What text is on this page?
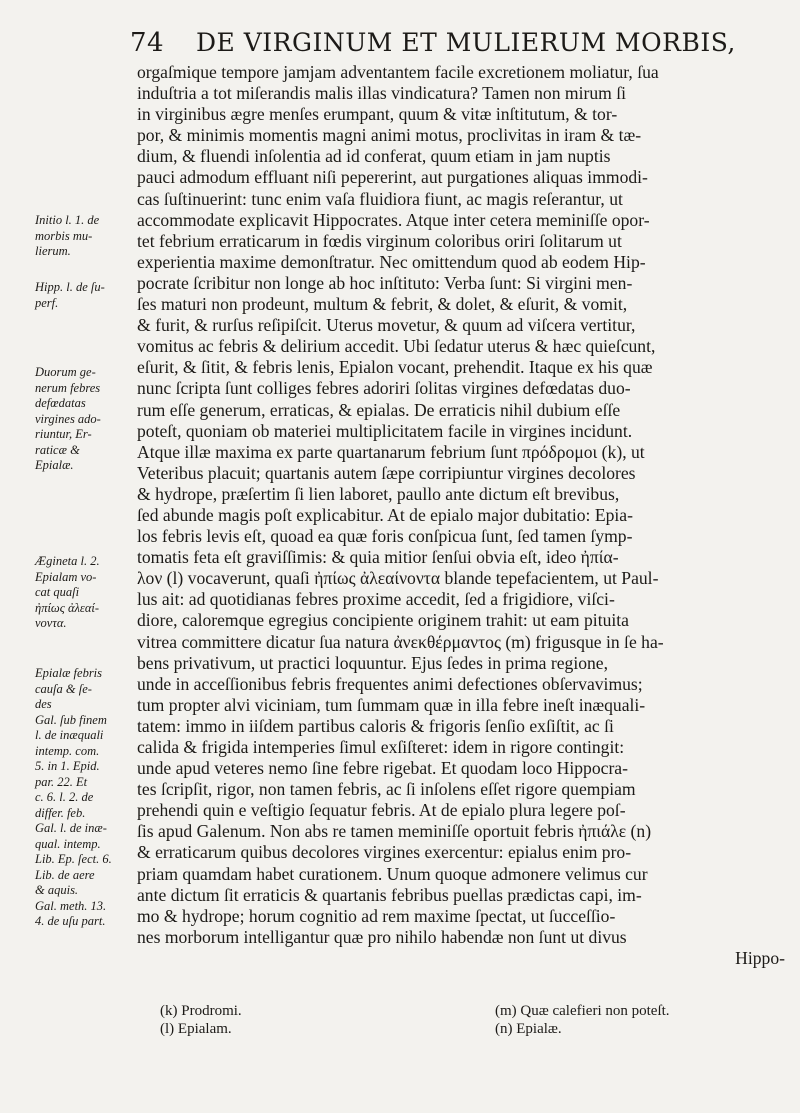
74	DE VIRGINUM ET MULIERUM MORBIS,
orgaſmique tempore jamjam adventantem facile excretionem moliatur, ſua
induſtria a tot miſerandis malis illas vindicatura? Tamen non mirum ſi
in virginibus ægre menſes erumpant, quum & vitæ inſtitutum, & tor-
por, & minimis momentis magni animi motus, proclivitas in iram & tæ-
dium, & fluendi inſolentia ad id conferat, quum etiam in jam nuptis
pauci admodum effluant niſi pepererint, aut purgationes aliquas immodi-
cas ſuſtinuerint: tunc enim vaſa fluidiora fiunt, ac magis reſerantur, ut
accommodate explicavit Hippocrates. Atque inter cetera meminiſſe opor-
tet febrium erraticarum in fœdis virginum coloribus oriri ſolitarum ut
experientia maxime demonſtratur. Nec omittendum quod ab eodem Hip-
pocrate ſcribitur non longe ab hoc inſtituto: Verba ſunt: Si virgini men-
ſes maturi non prodeunt, multum & febrit, & dolet, & eſurit, & vomit,
& furit, & rurſus reſipiſcit. Uterus movetur, & quum ad viſcera vertitur,
vomitus ac febris & delirium accedit. Ubi ſedatur uterus & hæc quieſcunt,
eſurit, & ſitit, & febris lenis, Epialon vocant, prehendit. Itaque ex his quæ
nunc ſcripta ſunt colliges febres adoriri ſolitas virgines defœdatas duo-
rum eſſe generum, erraticas, & epialas. De erraticis nihil dubium eſſe
poteſt, quoniam ob materiei multiplicitatem facile in virgines incidunt.
Atque illæ maxima ex parte quartanarum febrium ſunt πρόδρομοι (k), ut
Veteribus placuit; quartanis autem ſæpe corripiuntur virgines decolores
& hydrope, præſertim ſi lien laboret, paullo ante dictum eſt brevibus,
ſed abunde magis poſt explicabitur. At de epialo major dubitatio: Epia-
los febris levis eſt, quoad ea quæ foris conſpicua ſunt, ſed tamen ſymp-
tomatis feta eſt graviſſimis: & quia mitior ſenſui obvia eſt, ideo ἠπία-
λον (l) vocaverunt, quaſi ἠπίως ἀλεαίνοντα blande tepefacientem, ut Paul-
lus ait: ad quotidianas febres proxime accedit, ſed a frigidiore, viſci-
diore, caloremque egregius concipiente originem trahit: ut eam pituita
vitrea committere dicatur ſua natura ἀνεκθέρμαντος (m) frigusque in ſe ha-
bens privativum, ut practici loquuntur. Ejus ſedes in prima regione,
unde in acceſſionibus febris frequentes animi defectiones obſervavimus;
tum propter alvi viciniam, tum ſummam quæ in illa febre ineſt inæquali-
tatem: immo in iiſdem partibus caloris & frigoris ſenſio exſiſtit, ac ſi
calida & frigida intemperies ſimul exſiſteret: idem in rigore contingit:
unde apud veteres nemo ſine febre rigebat. Et quodam loco Hippocra-
tes ſcripſit, rigor, non tamen febris, ac ſi inſolens eſſet rigore quempiam
prehendi quin e veſtigio ſequatur febris. At de epialo plura legere poſ-
ſis apud Galenum. Non abs re tamen meminiſſe oportuit febris ἠπιάλε (n)
& erraticarum quibus decolores virgines exercentur: epialus enim pro-
priam quamdam habet curationem. Unum quoque admonere velimus cur
ante dictum ſit erraticis & quartanis febribus puellas prædictas capi, im-
mo & hydrope; horum cognitio ad rem maxime ſpectat, ut ſucceſſio-
nes morborum intelligantur quæ pro nihilo habendæ non ſunt ut divus
Hippo-
Initio l. 1. de
morbis mu-
lierum.
Hipp. l. de ſu-
perf.
Duorum ge-
nerum febres
defœdatas
virgines ado-
riuntur, Er-
raticæ &
Epialæ.
Ægineta l. 2.
Epialam vo-
cat quaſi
ἠπίως ἀλεαί-
νοντα.
Epialæ febris
cauſa & ſe-
des
Gal. ſub finem
l. de inæquali
intemp. com.
5. in 1. Epid.
par. 22. Et
c. 6. l. 2. de
differ. feb.
Gal. l. de inæ-
qual. intemp.
Lib. Ep. ſect. 6.
Lib. de aere
& aquis.
Gal. meth. 13.
4. de uſu part.
(k) Prodromi.
(l) Epialam.
(m) Quæ calefieri non poteſt.
(n) Epialæ.
